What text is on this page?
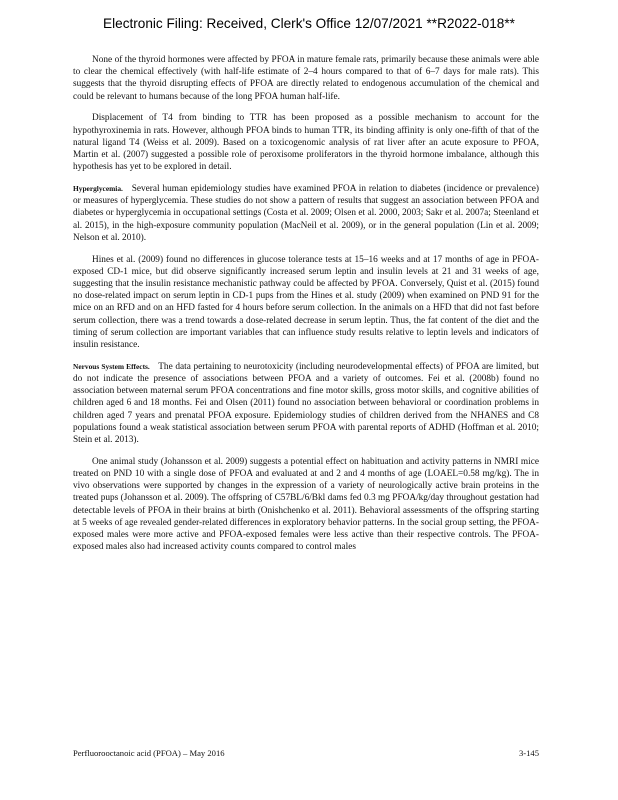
Electronic Filing: Received, Clerk's Office 12/07/2021 **R2022-018**

None of the thyroid hormones were affected by PFOA in mature female rats, primarily because these animals were able to clear the chemical effectively (with half-life estimate of 2–4 hours compared to that of 6–7 days for male rats). This suggests that the thyroid disrupting effects of PFOA are directly related to endogenous accumulation of the chemical and could be relevant to humans because of the long PFOA human half-life.

Displacement of T4 from binding to TTR has been proposed as a possible mechanism to account for the hypothyroxinemia in rats. However, although PFOA binds to human TTR, its binding affinity is only one-fifth of that of the natural ligand T4 (Weiss et al. 2009). Based on a toxicogenomic analysis of rat liver after an acute exposure to PFOA, Martin et al. (2007) suggested a possible role of peroxisome proliferators in the thyroid hormone imbalance, although this hypothesis has yet to be explored in detail.

Hyperglycemia. Several human epidemiology studies have examined PFOA in relation to diabetes (incidence or prevalence) or measures of hyperglycemia. These studies do not show a pattern of results that suggest an association between PFOA and diabetes or hyperglycemia in occupational settings (Costa et al. 2009; Olsen et al. 2000, 2003; Sakr et al. 2007a; Steenland et al. 2015), in the high-exposure community population (MacNeil et al. 2009), or in the general population (Lin et al. 2009; Nelson et al. 2010).

Hines et al. (2009) found no differences in glucose tolerance tests at 15–16 weeks and at 17 months of age in PFOA-exposed CD-1 mice, but did observe significantly increased serum leptin and insulin levels at 21 and 31 weeks of age, suggesting that the insulin resistance mechanistic pathway could be affected by PFOA. Conversely, Quist et al. (2015) found no dose-related impact on serum leptin in CD-1 pups from the Hines et al. study (2009) when examined on PND 91 for the mice on an RFD and on an HFD fasted for 4 hours before serum collection. In the animals on a HFD that did not fast before serum collection, there was a trend towards a dose-related decrease in serum leptin. Thus, the fat content of the diet and the timing of serum collection are important variables that can influence study results relative to leptin levels and indicators of insulin resistance.

Nervous System Effects. The data pertaining to neurotoxicity (including neurodevelopmental effects) of PFOA are limited, but do not indicate the presence of associations between PFOA and a variety of outcomes. Fei et al. (2008b) found no association between maternal serum PFOA concentrations and fine motor skills, gross motor skills, and cognitive abilities of children aged 6 and 18 months. Fei and Olsen (2011) found no association between behavioral or coordination problems in children aged 7 years and prenatal PFOA exposure. Epidemiology studies of children derived from the NHANES and C8 populations found a weak statistical association between serum PFOA with parental reports of ADHD (Hoffman et al. 2010; Stein et al. 2013).

One animal study (Johansson et al. 2009) suggests a potential effect on habituation and activity patterns in NMRI mice treated on PND 10 with a single dose of PFOA and evaluated at and 2 and 4 months of age (LOAEL=0.58 mg/kg). The in vivo observations were supported by changes in the expression of a variety of neurologically active brain proteins in the treated pups (Johansson et al. 2009). The offspring of C57BL/6/Bkl dams fed 0.3 mg PFOA/kg/day throughout gestation had detectable levels of PFOA in their brains at birth (Onishchenko et al. 2011). Behavioral assessments of the offspring starting at 5 weeks of age revealed gender-related differences in exploratory behavior patterns. In the social group setting, the PFOA-exposed males were more active and PFOA-exposed females were less active than their respective controls. The PFOA-exposed males also had increased activity counts compared to control males

Perfluorooctanoic acid (PFOA) – May 2016	3-145
